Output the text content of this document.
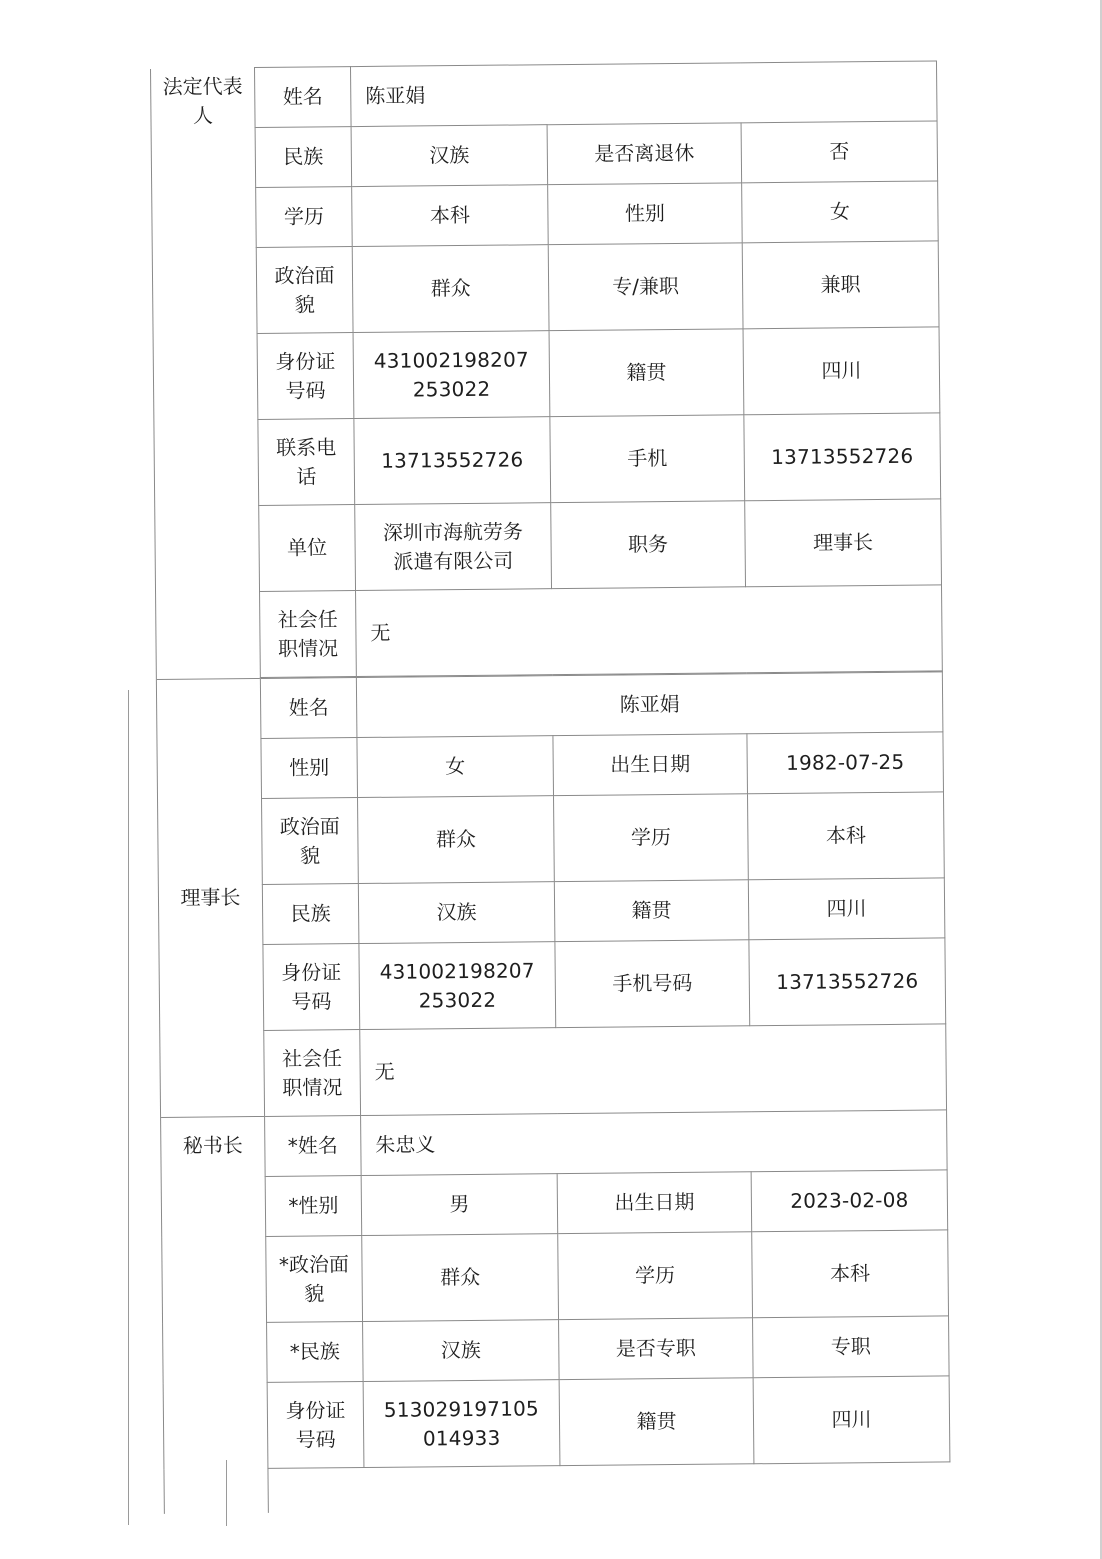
法定代表人	姓名	陈亚娟		
	民族	汉族	是否离退休	否
	学历	本科	性别	女
	政治面貌	群众	专/兼职	兼职
	身份证号码	431002198207253022	籍贯	四川
	联系电话	13713552726	手机	13713552726
	单位	深圳市海航劳务派遣有限公司	职务	理事长
	社会任职情况	无		

理事长	姓名	陈亚娟		
	性别	女	出生日期	1982-07-25
	政治面貌	群众	学历	本科
	民族	汉族	籍贯	四川
	身份证号码	431002198207253022	手机号码	13713552726
	社会任职情况	无		
秘书长	*姓名	朱忠义		
	*性别	男	出生日期	2023-02-08
	*政治面貌	群众	学历	本科
	*民族	汉族	是否专职	专职
	身份证号码	513029197105014933	籍贯	四川
